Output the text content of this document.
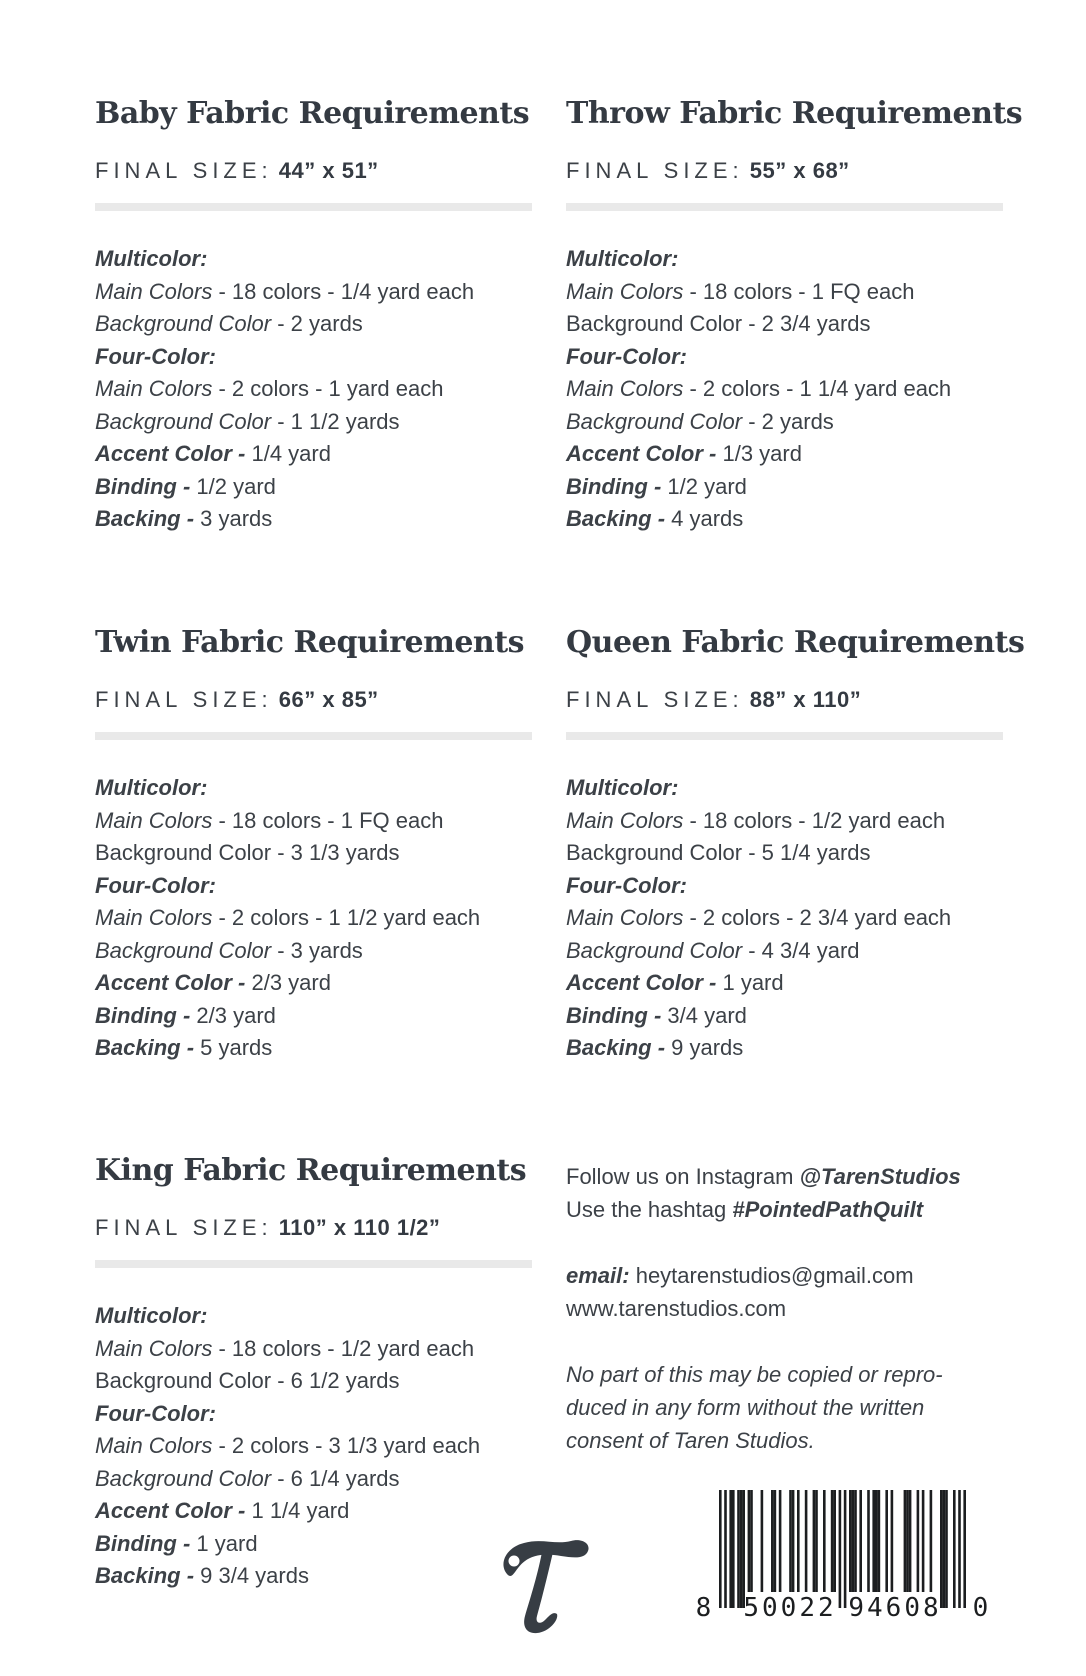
Baby Fabric Requirements
FINAL SIZE: 44” x 51”
Multicolor:
Main Colors - 18 colors - 1/4 yard each
Background Color - 2 yards
Four-Color:
Main Colors - 2 colors - 1 yard each
Background Color - 1 1/2 yards
Accent Color - 1/4 yard
Binding - 1/2 yard
Backing - 3 yards
Throw Fabric Requirements
FINAL SIZE: 55” x 68”
Multicolor:
Main Colors - 18 colors - 1 FQ each
Background Color - 2 3/4 yards
Four-Color:
Main Colors - 2 colors - 1 1/4 yard each
Background Color - 2 yards
Accent Color - 1/3 yard
Binding - 1/2 yard
Backing - 4 yards
Twin Fabric Requirements
FINAL SIZE: 66” x 85”
Multicolor:
Main Colors - 18 colors - 1 FQ each
Background Color - 3 1/3 yards
Four-Color:
Main Colors - 2 colors - 1 1/2 yard each
Background Color - 3 yards
Accent Color - 2/3 yard
Binding - 2/3 yard
Backing - 5 yards
Queen Fabric Requirements
FINAL SIZE: 88” x 110”
Multicolor:
Main Colors - 18 colors - 1/2 yard each
Background Color - 5 1/4 yards
Four-Color:
Main Colors - 2 colors - 2 3/4 yard each
Background Color - 4 3/4 yard
Accent Color - 1 yard
Binding - 3/4 yard
Backing - 9 yards
King Fabric Requirements
FINAL SIZE: 110” x 110 1/2”
Multicolor:
Main Colors - 18 colors - 1/2 yard each
Background Color - 6 1/2 yards
Four-Color:
Main Colors - 2 colors - 3 1/3 yard each
Background Color - 6 1/4 yards
Accent Color - 1 1/4 yard
Binding - 1 yard
Backing - 9 3/4 yards

Follow us on Instagram @TarenStudios

Use the hashtag #PointedPathQuilt

email: heytarenstudios@gmail.com

www.tarenstudios.com

No part of this may be copied or repro-

duced in any form without the written

consent of Taren Studios.

8 50022 94608 0
